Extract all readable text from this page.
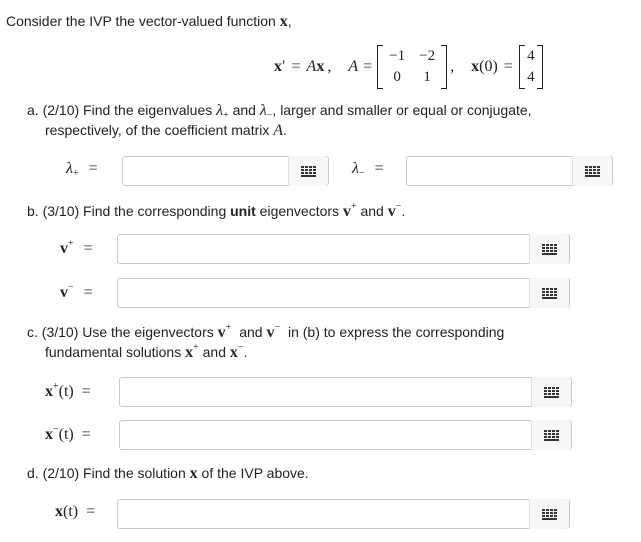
Consider the IVP the vector-valued function x,
x′ = Ax , A =
−1 −2
0	1
, x(0) =
4
4
a. (2/10) Find the eigenvalues $\lambda_+$ and $\lambda_-$, larger and smaller or equal or conjugate,
respectively, of the coefficient matrix A.
$\lambda_+$ =	$\lambda_-$ =
b. (3/10) Find the corresponding unit eigenvectors v+ and v−.
v+ =
v− =
c. (3/10) Use the eigenvectors v+ and v− in (b) to express the corresponding
fundamental solutions x+ and x−.
x+(t) =
x−(t) =
d. (2/10) Find the solution x of the IVP above.
x(t) =
